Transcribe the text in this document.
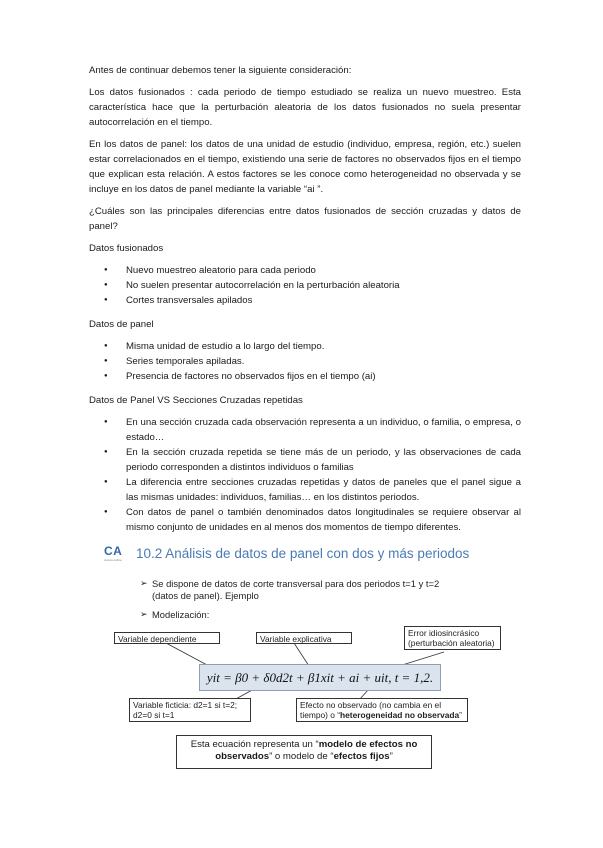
Antes de continuar debemos tener la siguiente consideración:

Los datos fusionados : cada periodo de tiempo estudiado se realiza un nuevo muestreo. Esta característica hace que la perturbación aleatoria de los datos fusionados no suela presentar autocorrelación en el tiempo.

En los datos de panel: los datos de una unidad de estudio (individuo, empresa, región, etc.) suelen estar correlacionados en el tiempo, existiendo una serie de factores no observados fijos en el tiempo que explican esta relación. A estos factores se les conoce como heterogeneidad no observada y se incluye en los datos de panel mediante la variable “ai ”.

¿Cuáles son las principales diferencias entre datos fusionados de sección cruzadas y datos de panel?

Datos fusionados

● Nuevo muestreo aleatorio para cada periodo
● No suelen presentar autocorrelación en la perturbación aleatoria
● Cortes transversales apilados

Datos de panel

● Misma unidad de estudio a lo largo del tiempo.
● Series temporales apiladas.
● Presencia de factores no observados fijos en el tiempo (ai)

Datos de Panel VS Secciones Cruzadas repetidas

● En una sección cruzada cada observación representa a un individuo, o familia, o empresa, o estado…
● En la sección cruzada repetida se tiene más de un periodo, y las observaciones de cada periodo corresponden a distintos individuos o familias
● La diferencia entre secciones cruzadas repetidas y datos de paneles que el panel sigue a las mismas unidades: individuos, familias… en los distintos periodos.
● Con datos de panel o también denominados datos longitudinales se requiere observar al mismo conjunto de unidades en al menos dos momentos de tiempo diferentes.
CA
cursos online 10.2 Análisis de datos de panel con dos y más periodos
➢ Se dispone de datos de corte transversal para dos periodos t=1 y t=2 (datos de panel). Ejemplo
➢ Modelización:
Variable dependiente	Variable explicativa
Error idiosincrásico (perturbación aleatoria)
yit = β0 + δ0d2t + β1xit + ai + uit, t = 1,2.
Variable ficticia: d2=1 si t=2; d2=0 si t=1
Efecto no observado (no cambia en el tiempo) o “heterogeneidad no observada”
Esta ecuación representa un “modelo de efectos no observados” o modelo de “efectos fijos”
